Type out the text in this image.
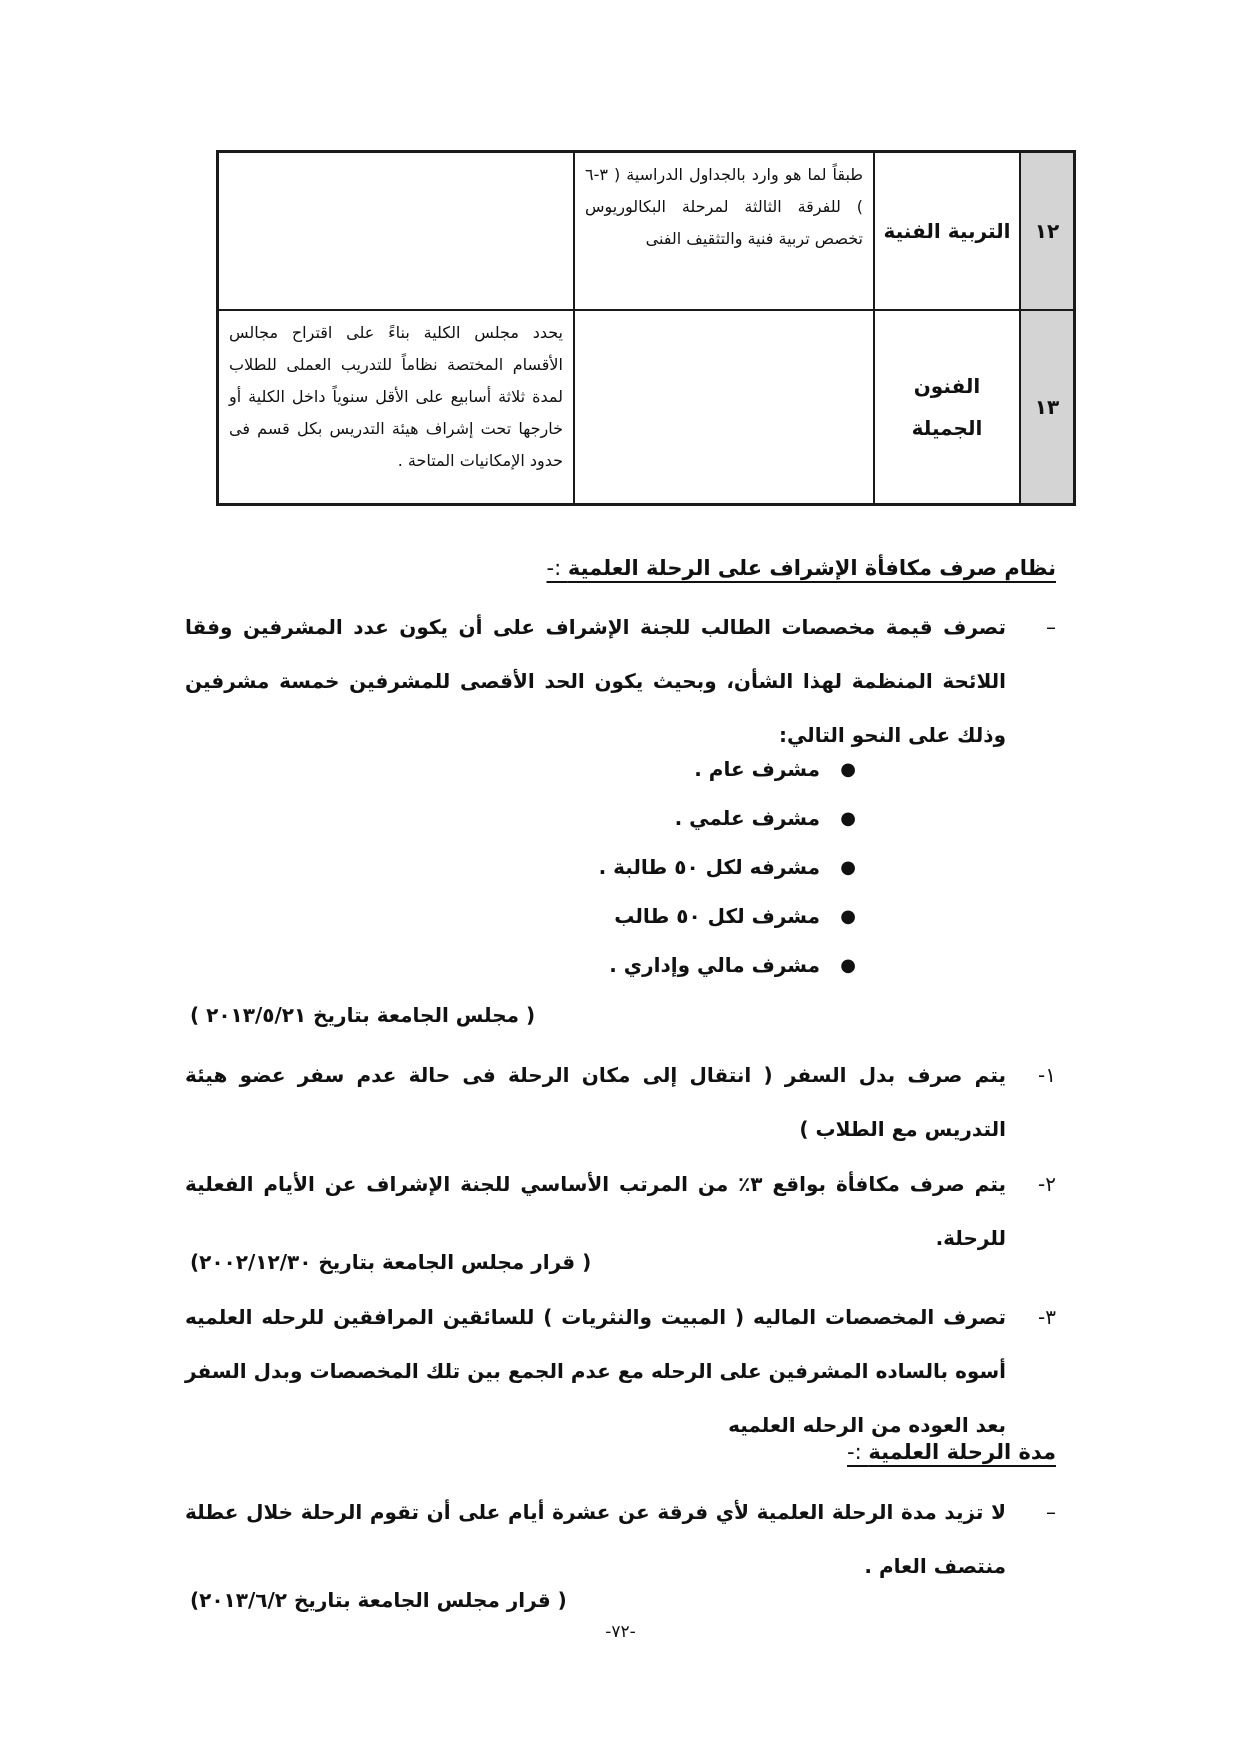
١٢	التربية الفنية	طبقاً لما هو وارد بالجداول الدراسية ( ٣-٦ ) للفرقة الثالثة لمرحلة البكالوريوس تخصص تربية فنية والتثقيف الفنى	
١٣	الفنون الجميلة		يحدد مجلس الكلية بناءً على اقتراح مجالس الأقسام المختصة نظاماً للتدريب العملى للطلاب لمدة ثلاثة أسابيع على الأقل سنوياً داخل الكلية أو خارجها تحت إشراف هيئة التدريس بكل قسم فى حدود الإمكانيات المتاحة .
نظام صرف مكافأة الإشراف على الرحلة العلمية :-
–
تصرف قيمة مخصصات الطالب للجنة الإشراف على أن يكون عدد المشرفين وفقا اللائحة المنظمة لهذا الشأن، وبحيث يكون الحد الأقصى للمشرفين خمسة مشرفين وذلك على النحو التالي:
●
مشرف عام .
●
مشرف علمي .
●
مشرفه لكل ٥٠ طالبة .
●
مشرف لكل ٥٠ طالب
●
مشرف مالي وإداري .
( مجلس الجامعة بتاريخ ٢٠١٣/٥/٢١ )
١-
يتم صرف بدل السفر ( انتقال إلى مكان الرحلة فى حالة عدم سفر عضو هيئة التدريس مع الطلاب )
٢-
يتم صرف مكافأة بواقع ٣٪ من المرتب الأساسي للجنة الإشراف عن الأيام الفعلية للرحلة.
( قرار مجلس الجامعة بتاريخ ٢٠٠٢/١٢/٣٠)
٣-
تصرف المخصصات الماليه ( المبيت والنثريات ) للسائقين المرافقين للرحله العلميه أسوه بالساده المشرفين على الرحله مع عدم الجمع بين تلك المخصصات وبدل السفر بعد العوده من الرحله العلميه
مدة الرحلة العلمية :-
–
لا تزيد مدة الرحلة العلمية لأي فرقة عن عشرة أيام على أن تقوم الرحلة خلال عطلة منتصف العام .
( قرار مجلس الجامعة بتاريخ ٢٠١٣/٦/٢)
-٧٢-
